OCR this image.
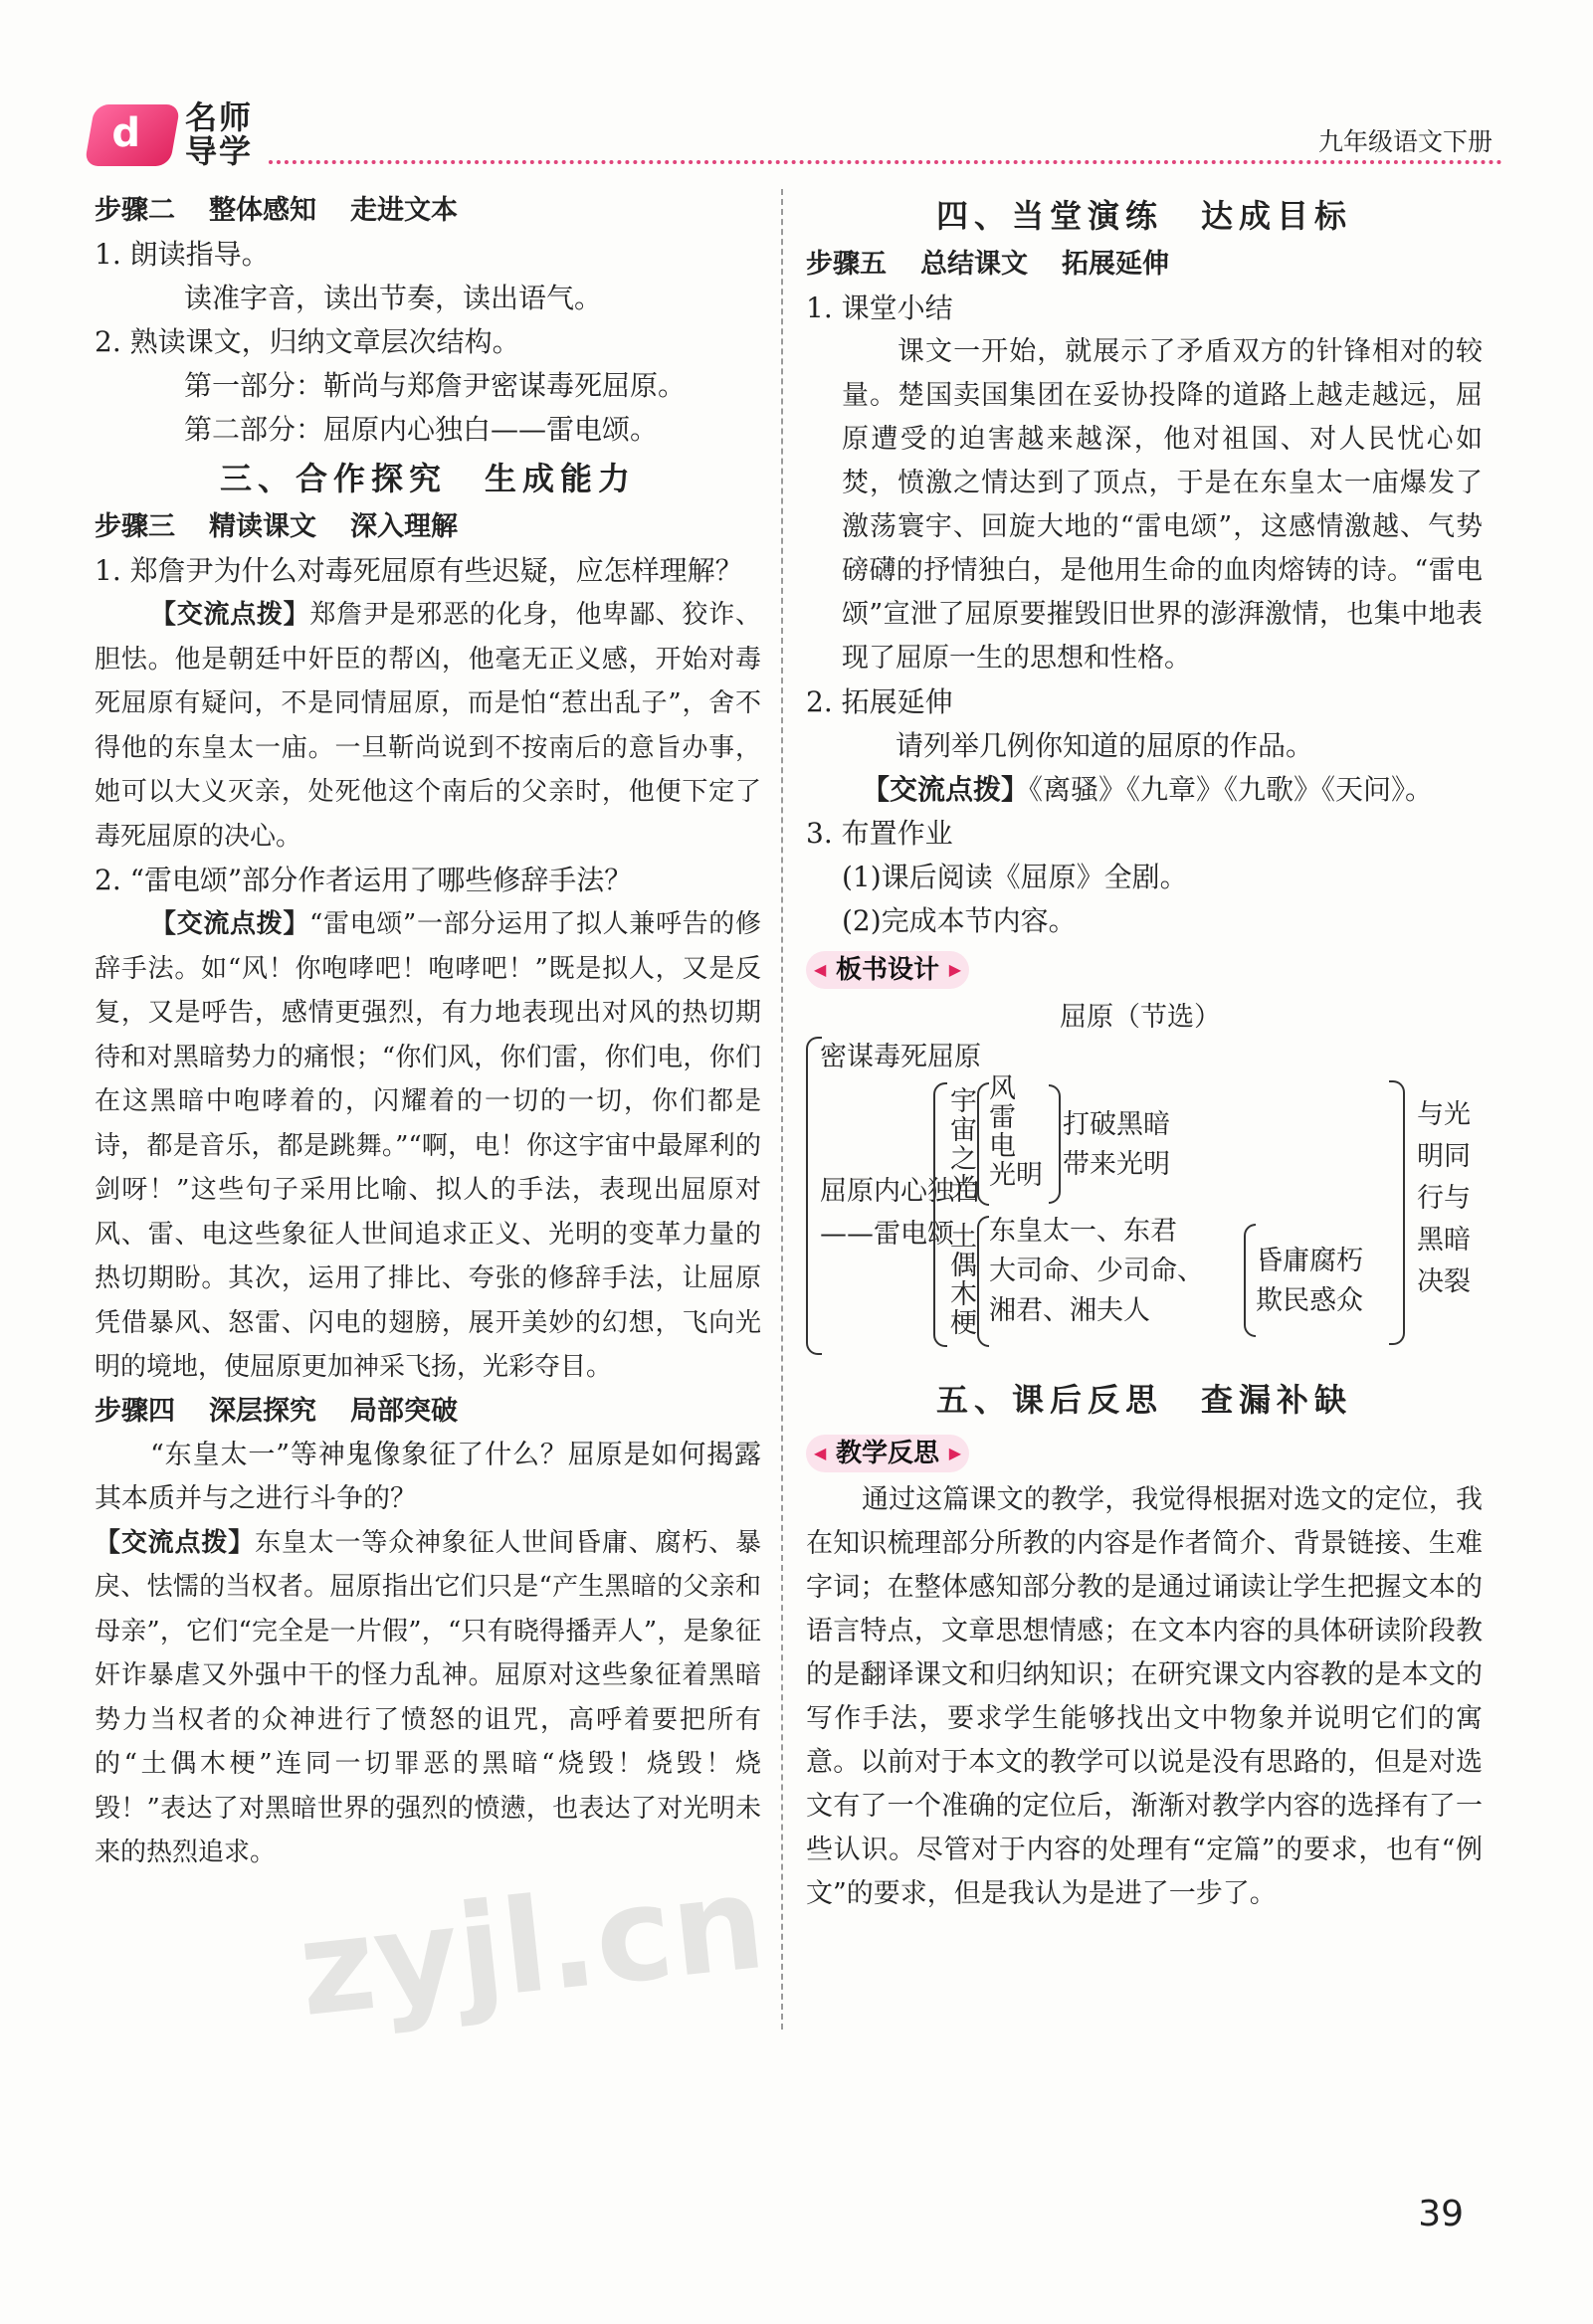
d 名师
导学	九年级语文下册
步骤二 整体感知 走进文本

1. 朗读指导。

读准字音，读出节奏，读出语气。

2. 熟读课文，归纳文章层次结构。

第一部分：靳尚与郑詹尹密谋毒死屈原。

第二部分：屈原内心独白——雷电颂。

三、合作探究　生成能力
步骤三 精读课文 深入理解

1. 郑詹尹为什么对毒死屈原有些迟疑，应怎样理解？

【交流点拨】郑詹尹是邪恶的化身，他卑鄙、狡诈、胆怯。他是朝廷中奸臣的帮凶，他毫无正义感，开始对毒死屈原有疑问，不是同情屈原，而是怕“惹出乱子”，舍不得他的东皇太一庙。一旦靳尚说到不按南后的意旨办事，她可以大义灭亲，处死他这个南后的父亲时，他便下定了毒死屈原的决心。

2. “雷电颂”部分作者运用了哪些修辞手法？

【交流点拨】“雷电颂”一部分运用了拟人兼呼告的修辞手法。如“风！你咆哮吧！咆哮吧！”既是拟人，又是反复，又是呼告，感情更强烈，有力地表现出对风的热切期待和对黑暗势力的痛恨；“你们风，你们雷，你们电，你们在这黑暗中咆哮着的，闪耀着的一切的一切，你们都是诗，都是音乐，都是跳舞。”“啊，电！你这宇宙中最犀利的剑呀！”这些句子采用比喻、拟人的手法，表现出屈原对风、雷、电这些象征人世间追求正义、光明的变革力量的热切期盼。其次，运用了排比、夸张的修辞手法，让屈原凭借暴风、怒雷、闪电的翅膀，展开美妙的幻想，飞向光明的境地，使屈原更加神采飞扬，光彩夺目。

步骤四 深层探究 局部突破

“东皇太一”等神鬼像象征了什么？屈原是如何揭露其本质并与之进行斗争的？

【交流点拨】东皇太一等众神象征人世间昏庸、腐朽、暴戾、怯懦的当权者。屈原指出它们只是“产生黑暗的父亲和母亲”，它们“完全是一片假”，“只有晓得播弄人”，是象征奸诈暴虐又外强中干的怪力乱神。屈原对这些象征着黑暗势力当权者的众神进行了愤怒的诅咒，高呼着要把所有的“土偶木梗”连同一切罪恶的黑暗“烧毁！烧毁！烧毁！”表达了对黑暗世界的强烈的愤懑，也表达了对光明未来的热烈追求。

四、当堂演练　达成目标
步骤五 总结课文 拓展延伸

1. 课堂小结

课文一开始，就展示了矛盾双方的针锋相对的较量。楚国卖国集团在妥协投降的道路上越走越远，屈原遭受的迫害越来越深，他对祖国、对人民忧心如焚，愤激之情达到了顶点，于是在东皇太一庙爆发了激荡寰宇、回旋大地的“雷电颂”，这感情激越、气势磅礴的抒情独白，是他用生命的血肉熔铸的诗。“雷电颂”宣泄了屈原要摧毁旧世界的澎湃激情，也集中地表现了屈原一生的思想和性格。

2. 拓展延伸

请列举几例你知道的屈原的作品。

【交流点拨】《离骚》《九章》《九歌》《天问》。

3. 布置作业

(1)课后阅读《屈原》全剧。

(2)完成本节内容。

◀ 板书设计 ▶
屈原（节选）
密谋毒死屈原
屈原内心独白
——雷电颂
宇宙之光 风
雷
电
光明
打破黑暗
带来光明
土偶木梗 东皇太一、东君
大司命、少司命、
湘君、湘夫人
昏庸腐朽
欺民惑众
与光
明同
行与
黑暗
决裂
五、课后反思　查漏补缺
◀ 教学反思 ▶

通过这篇课文的教学，我觉得根据对选文的定位，我在知识梳理部分所教的内容是作者简介、背景链接、生难字词；在整体感知部分教的是通过诵读让学生把握文本的语言特点，文章思想情感；在文本内容的具体研读阶段教的是翻译课文和归纳知识；在研究课文内容教的是本文的写作手法，要求学生能够找出文中物象并说明它们的寓意。以前对于本文的教学可以说是没有思路的，但是对选文有了一个准确的定位后，渐渐对教学内容的选择有了一些认识。尽管对于内容的处理有“定篇”的要求，也有“例文”的要求，但是我认为是进了一步了。

zyjl.cn
39
